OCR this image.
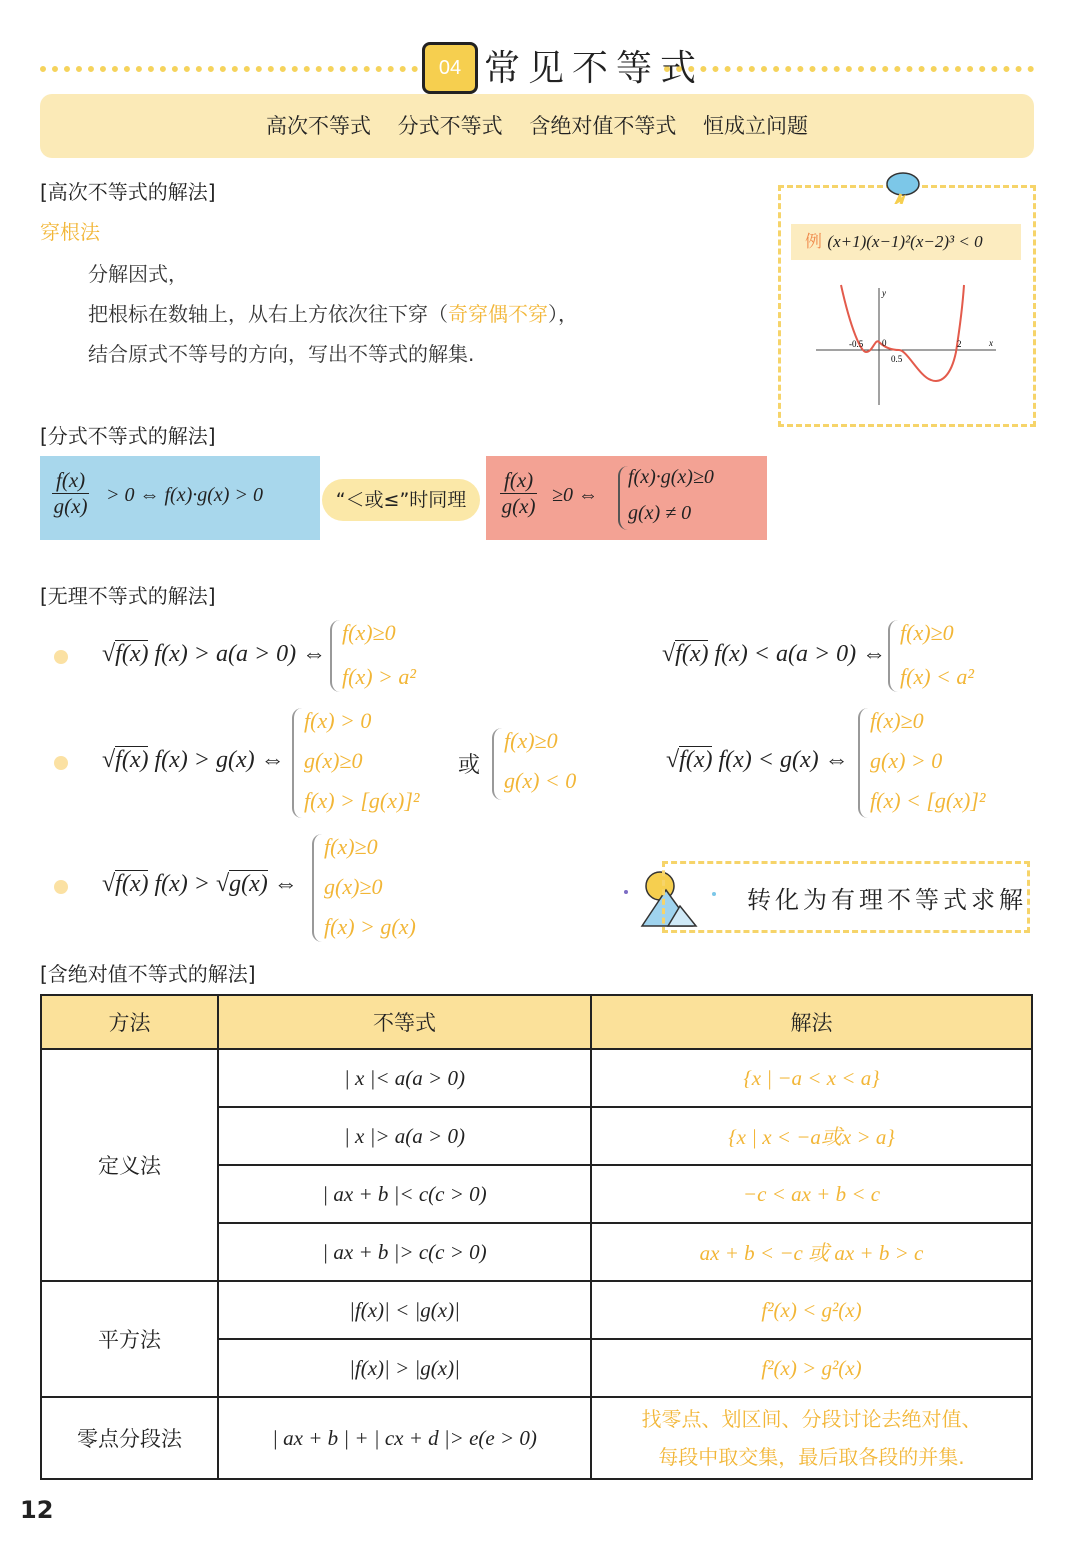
04 常见不等式
高次不等式 分式不等式 含绝对值不等式 恒成立问题
[高次不等式的解法]
穿根法
分解因式，
把根标在数轴上，从右上方依次往下穿（奇穿偶不穿），
结合原式不等号的方向，写出不等式的解集.
例 (x+1)(x−1)²(x−2)³ < 0
-0.5 0
0.5
2	x
y
[分式不等式的解法]
$\frac{f(x)}{g(x)} > 0$ ⇔ f(x)·g(x) > 0	“＜或≤”时同理	$\frac{f(x)}{g(x)} \ge 0$ ⇔
f(x)·g(x)≥0
g(x) ≠ 0
[无理不等式的解法]
√f(x) f(x) > a(a > 0) ⇔
f(x)≥0
f(x) > a²
√f(x) f(x) < a(a > 0) ⇔
f(x)≥0
f(x) < a²
√f(x) f(x) > g(x) ⇔
f(x) > 0
g(x)≥0
f(x) > [g(x)]²
或
f(x)≥0
g(x) < 0
√f(x) f(x) < g(x) ⇔
f(x)≥0
g(x) > 0
f(x) < [g(x)]²
√f(x) f(x) > √g(x) ⇔
f(x)≥0
g(x)≥0
f(x) > g(x)
转化为有理不等式求解
[含绝对值不等式的解法]
方法	不等式	解法
定义法	| x |< a(a > 0)	{x | −a < x < a}
	| x |> a(a > 0)	{x | x < −a或x > a}
	| ax + b |< c(c > 0)	−c < ax + b < c
	| ax + b |> c(c > 0)	ax + b < −c 或 ax + b > c
平方法	|f(x)| < |g(x)|	f²(x) < g²(x)
	|f(x)| > |g(x)|	f²(x) > g²(x)
零点分段法	| ax + b | + | cx + d |> e(e > 0)	找零点、划区间、分段讨论去绝对值、
每段中取交集，最后取各段的并集.
12
